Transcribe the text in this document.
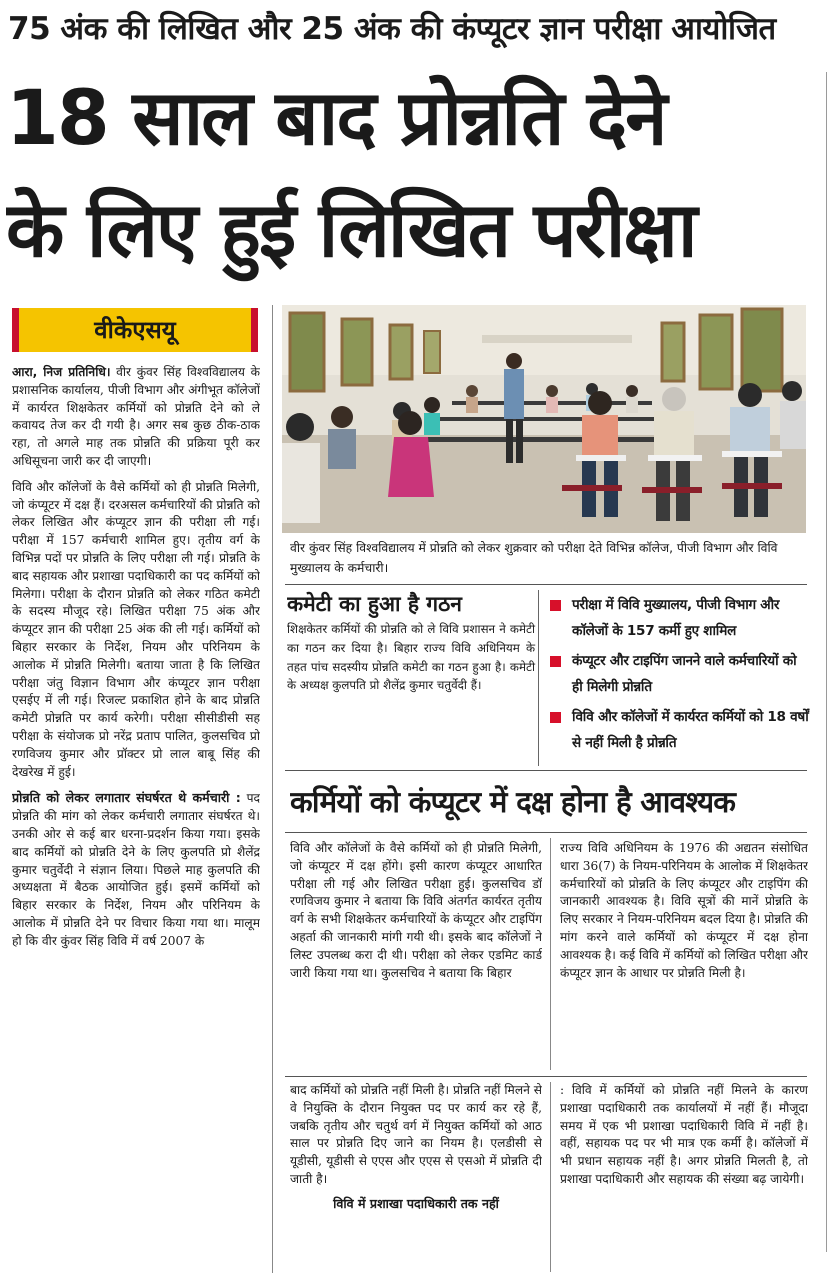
75 अंक की लिखित और 25 अंक की कंप्यूटर ज्ञान परीक्षा आयोजित
18 साल बाद प्रोन्नति देने
के लिए हुई लिखित परीक्षा
वीकेएसयू

आरा, निज प्रतिनिधि। वीर कुंवर सिंह विश्वविद्यालय के प्रशासनिक कार्यालय, पीजी विभाग और अंगीभूत कॉलेजों में कार्यरत शिक्षकेतर कर्मियों को प्रोन्नति देने को ले कवायद तेज कर दी गयी है। अगर सब कुछ ठीक-ठाक रहा, तो अगले माह तक प्रोन्नति की प्रक्रिया पूरी कर अधिसूचना जारी कर दी जाएगी।

विवि और कॉलेजों के वैसे कर्मियों को ही प्रोन्नति मिलेगी, जो कंप्यूटर में दक्ष हैं। दरअसल कर्मचारियों की प्रोन्नति को लेकर लिखित और कंप्यूटर ज्ञान की परीक्षा ली गई। परीक्षा में 157 कर्मचारी शामिल हुए। तृतीय वर्ग के विभिन्न पदों पर प्रोन्नति के लिए परीक्षा ली गई। प्रोन्नति के बाद सहायक और प्रशाखा पदाधिकारी का पद कर्मियों को मिलेगा। परीक्षा के दौरान प्रोन्नति को लेकर गठित कमेटी के सदस्य मौजूद रहे। लिखित परीक्षा 75 अंक और कंप्यूटर ज्ञान की परीक्षा 25 अंक की ली गई। कर्मियों को बिहार सरकार के निर्देश, नियम और परिनियम के आलोक में प्रोन्नति मिलेगी। बताया जाता है कि लिखित परीक्षा जंतु विज्ञान विभाग और कंप्यूटर ज्ञान परीक्षा एसईए में ली गई। रिजल्ट प्रकाशित होने के बाद प्रोन्नति कमेटी प्रोन्नति पर कार्य करेगी। परीक्षा सीसीडीसी सह परीक्षा के संयोजक प्रो नरेंद्र प्रताप पालित, कुलसचिव प्रो रणविजय कुमार और प्रॉक्टर प्रो लाल बाबू सिंह की देखरेख में हुई।

प्रोन्नति को लेकर लगातार संघर्षरत थे कर्मचारी : पद प्रोन्नति की मांग को लेकर कर्मचारी लगातार संघर्षरत थे। उनकी ओर से कई बार धरना-प्रदर्शन किया गया। इसके बाद कर्मियों को प्रोन्नति देने के लिए कुलपति प्रो शैलेंद्र कुमार चतुर्वेदी ने संज्ञान लिया। पिछले माह कुलपति की अध्यक्षता में बैठक आयोजित हुई। इसमें कर्मियों को बिहार सरकार के निर्देश, नियम और परिनियम के आलोक में प्रोन्नति देने पर विचार किया गया था। मालूम हो कि वीर कुंवर सिंह विवि में वर्ष 2007 के

वीर कुंवर सिंह विश्वविद्यालय में प्रोन्नति को लेकर शुक्रवार को परीक्षा देते विभिन्न कॉलेज, पीजी विभाग और विवि मुख्यालय के कर्मचारी।
कमेटी का हुआ है गठन
शिक्षकेतर कर्मियों की प्रोन्नति को ले विवि प्रशासन ने कमेटी का गठन कर दिया है। बिहार राज्य विवि अधिनियम के तहत पांच सदस्यीय प्रोन्नति कमेटी का गठन हुआ है। कमेटी के अध्यक्ष कुलपति प्रो शैलेंद्र कुमार चतुर्वेदी हैं।
परीक्षा में विवि मुख्यालय, पीजी विभाग और कॉलेजों के 157 कर्मी हुए शामिल
कंप्यूटर और टाइपिंग जानने वाले कर्मचारियों को ही मिलेगी प्रोन्नति
विवि और कॉलेजों में कार्यरत कर्मियों को 18 वर्षों से नहीं मिली है प्रोन्नति
कर्मियों को कंप्यूटर में दक्ष होना है आवश्यक

विवि और कॉलेजों के वैसे कर्मियों को ही प्रोन्नति मिलेगी, जो कंप्यूटर में दक्ष होंगे। इसी कारण कंप्यूटर आधारित परीक्षा ली गई और लिखित परीक्षा हुई। कुलसचिव डॉ रणविजय कुमार ने बताया कि विवि अंतर्गत कार्यरत तृतीय वर्ग के सभी शिक्षकेतर कर्मचारियों के कंप्यूटर और टाइपिंग अहर्ता की जानकारी मांगी गयी थी। इसके बाद कॉलेजों ने लिस्ट उपलब्ध करा दी थी। परीक्षा को लेकर एडमिट कार्ड जारी किया गया था। कुलसचिव ने बताया कि बिहार

राज्य विवि अधिनियम के 1976 की अद्यतन संसोधित धारा 36(7) के नियम-परिनियम के आलोक में शिक्षकेतर कर्मचारियों को प्रोन्नति के लिए कंप्यूटर और टाइपिंग की जानकारी आवश्यक है। विवि सूत्रों की मानें प्रोन्नति के लिए सरकार ने नियम-परिनियम बदल दिया है। प्रोन्नति की मांग करने वाले कर्मियों को कंप्यूटर में दक्ष होना आवश्यक है। कई विवि में कर्मियों को लिखित परीक्षा और कंप्यूटर ज्ञान के आधार पर प्रोन्नति मिली है।

बाद कर्मियों को प्रोन्नति नहीं मिली है। प्रोन्नति नहीं मिलने से वे नियुक्ति के दौरान नियुक्त पद पर कार्य कर रहे हैं, जबकि तृतीय और चतुर्थ वर्ग में नियुक्त कर्मियों को आठ साल पर प्रोन्नति दिए जाने का नियम है। एलडीसी से यूडीसी, यूडीसी से एएस और एएस से एसओ में प्रोन्नति दी जाती है।

विवि में प्रशाखा पदाधिकारी तक नहीं

: विवि में कर्मियों को प्रोन्नति नहीं मिलने के कारण प्रशाखा पदाधिकारी तक कार्यालयों में नहीं हैं। मौजूदा समय में एक भी प्रशाखा पदाधिकारी विवि में नहीं है। वहीं, सहायक पद पर भी मात्र एक कर्मी है। कॉलेजों में भी प्रधान सहायक नहीं है। अगर प्रोन्नति मिलती है, तो प्रशाखा पदाधिकारी और सहायक की संख्या बढ़ जायेगी।
